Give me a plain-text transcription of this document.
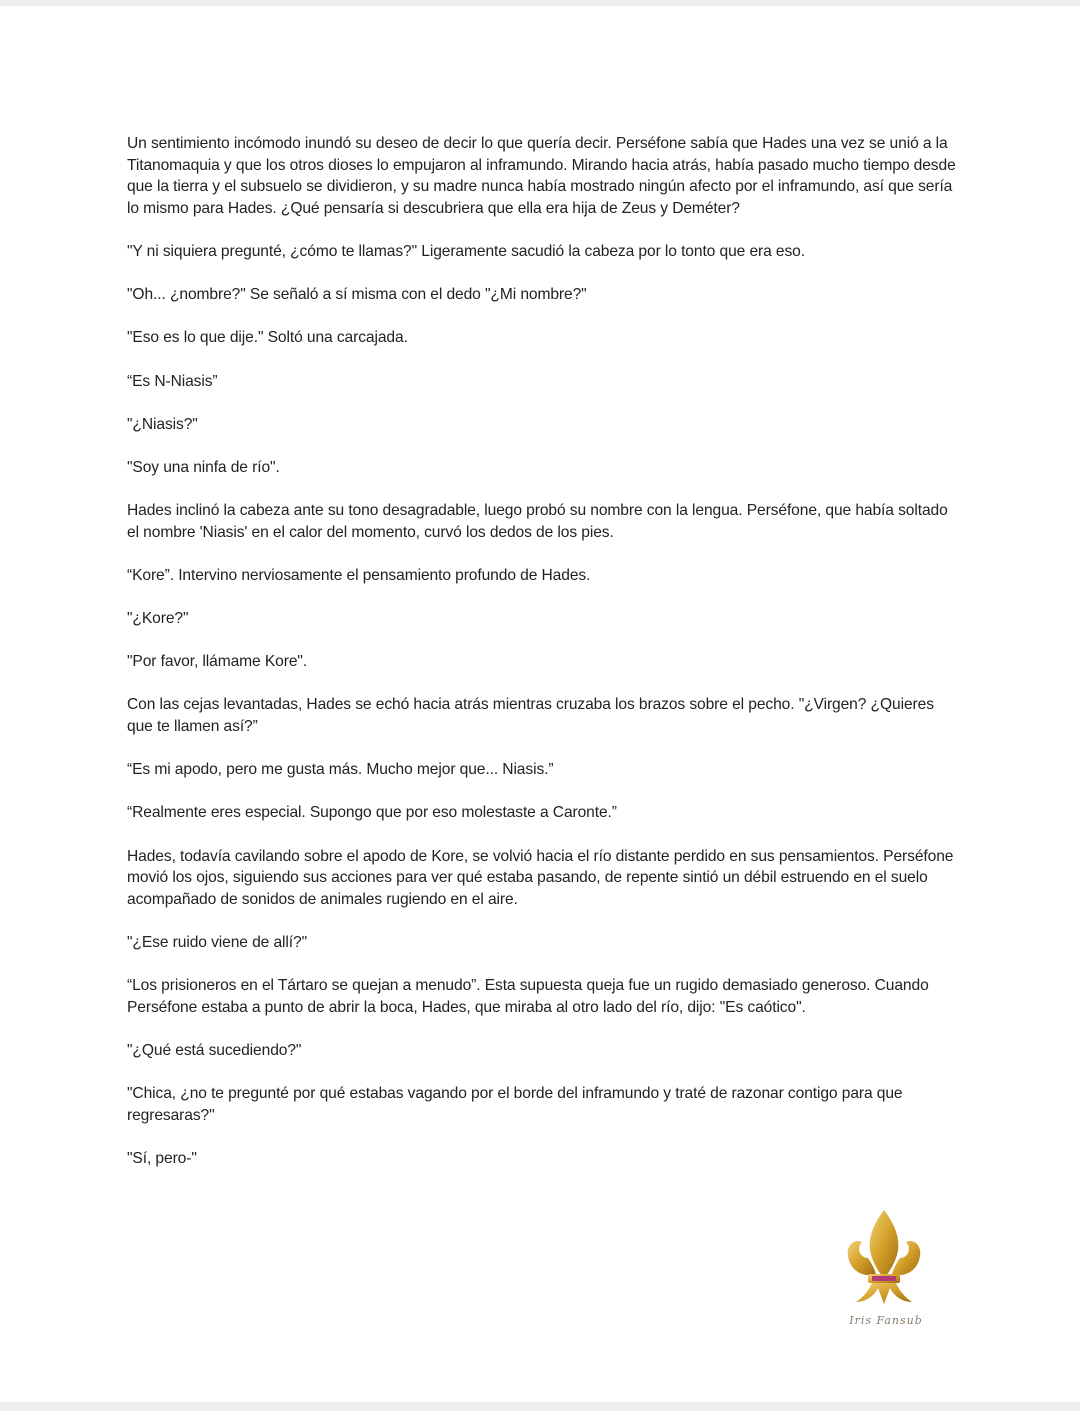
Un sentimiento incómodo inundó su deseo de decir lo que quería decir. Perséfone sabía que Hades una vez se unió a la Titanomaquia y que los otros dioses lo empujaron al inframundo. Mirando hacia atrás, había pasado mucho tiempo desde que la tierra y el subsuelo se dividieron, y su madre nunca había mostrado ningún afecto por el inframundo, así que sería lo mismo para Hades. ¿Qué pensaría si descubriera que ella era hija de Zeus y Deméter?

"Y ni siquiera pregunté, ¿cómo te llamas?" Ligeramente sacudió la cabeza por lo tonto que era eso.

"Oh... ¿nombre?" Se señaló a sí misma con el dedo "¿Mi nombre?"

"Eso es lo que dije." Soltó una carcajada.

“Es N-Niasis”

"¿Niasis?"

"Soy una ninfa de río".

Hades inclinó la cabeza ante su tono desagradable, luego probó su nombre con la lengua. Perséfone, que había soltado el nombre 'Niasis' en el calor del momento, curvó los dedos de los pies.

“Kore”. Intervino nerviosamente el pensamiento profundo de Hades.

"¿Kore?"

"Por favor, llámame Kore".

Con las cejas levantadas, Hades se echó hacia atrás mientras cruzaba los brazos sobre el pecho. "¿Virgen? ¿Quieres que te llamen así?”

“Es mi apodo, pero me gusta más. Mucho mejor que... Niasis.”

“Realmente eres especial. Supongo que por eso molestaste a Caronte.”

Hades, todavía cavilando sobre el apodo de Kore, se volvió hacia el río distante perdido en sus pensamientos. Perséfone movió los ojos, siguiendo sus acciones para ver qué estaba pasando, de repente sintió un débil estruendo en el suelo acompañado de sonidos de animales rugiendo en el aire.

"¿Ese ruido viene de allí?"

“Los prisioneros en el Tártaro se quejan a menudo”. Esta supuesta queja fue un rugido demasiado generoso. Cuando Perséfone estaba a punto de abrir la boca, Hades, que miraba al otro lado del río, dijo: "Es caótico".

"¿Qué está sucediendo?"

"Chica, ¿no te pregunté por qué estabas vagando por el borde del inframundo y traté de razonar contigo para que regresaras?"

"Sí, pero-"

Iris Fansub
